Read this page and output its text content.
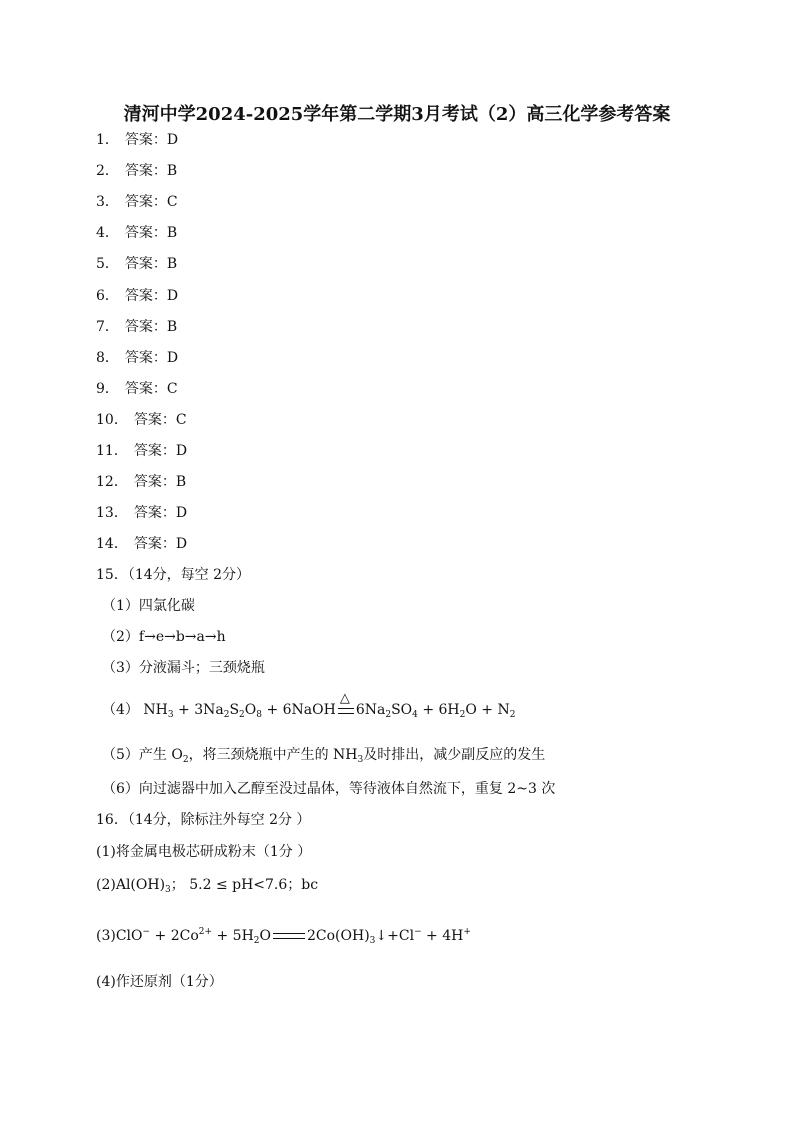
清河中学2024-2025学年第二学期3月考试（2）高三化学参考答案
1． 答案：D
2． 答案：B
3． 答案：C
4． 答案：B
5． 答案：B
6． 答案：D
7． 答案：B
8． 答案：D
9． 答案：C
10． 答案：C
11． 答案：D
12． 答案：B
13． 答案：D
14． 答案：D
15．（14分，每空 2分）
（1）四氯化碳
（2）f→e→b→a→h
（3）分液漏斗；三颈烧瓶
（4） $NH_3 + 3Na_2S_2O_8$ + 6NaOH
△
$6Na_2SO_4 + 6H_2O + N_2$
（5）产生 $O_2$，将三颈烧瓶中产生的 $NH_3$及时排出，减少副反应的发生
（6）向过滤器中加入乙醇至没过晶体，等待液体自然流下，重复 2~3 次
16．（14分，除标注外每空 2分 ）
(1)将金属电极芯研成粉末（1分 ）
$(2)Al(OH)_3$； 5.2 ≤ pH<7.6；bc
$(3)ClO^- + 2Co^{2+} + 5H_2O$	$2Co(OH)_3↓+Cl^- + 4H^+$
(4)作还原剂（1分）
